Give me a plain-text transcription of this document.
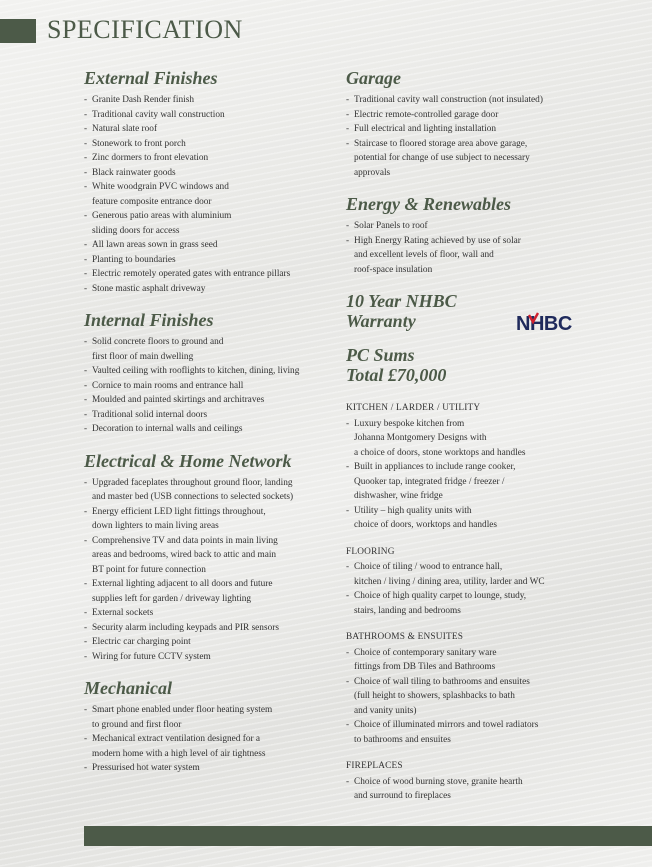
SPECIFICATION
External Finishes
- Granite Dash Render finish
- Traditional cavity wall construction
- Natural slate roof
- Stonework to front porch
- Zinc dormers to front elevation
- Black rainwater goods
- White woodgrain PVC windows and
feature composite entrance door
- Generous patio areas with aluminium
sliding doors for access
- All lawn areas sown in grass seed
- Planting to boundaries
- Electric remotely operated gates with entrance pillars
- Stone mastic asphalt driveway
Internal Finishes
- Solid concrete floors to ground and
first floor of main dwelling
- Vaulted ceiling with rooflights to kitchen, dining, living
- Cornice to main rooms and entrance hall
- Moulded and painted skirtings and architraves
- Traditional solid internal doors
- Decoration to internal walls and ceilings
Electrical & Home Network
- Upgraded faceplates throughout ground floor, landing
and master bed (USB connections to selected sockets)
- Energy efficient LED light fittings throughout,
down lighters to main living areas
- Comprehensive TV and data points in main living
areas and bedrooms, wired back to attic and main
BT point for future connection
- External lighting adjacent to all doors and future
supplies left for garden / driveway lighting
- External sockets
- Security alarm including keypads and PIR sensors
- Electric car charging point
- Wiring for future CCTV system
Mechanical
- Smart phone enabled under floor heating system
to ground and first floor
- Mechanical extract ventilation designed for a
modern home with a high level of air tightness
- Pressurised hot water system
Garage
- Traditional cavity wall construction (not insulated)
- Electric remote-controlled garage door
- Full electrical and lighting installation
- Staircase to floored storage area above garage,
potential for change of use subject to necessary
approvals
Energy & Renewables
- Solar Panels to roof
- High Energy Rating achieved by use of solar
and excellent levels of floor, wall and
roof-space insulation
10 Year NHBC
Warranty
PC Sums
Total £70,000
KITCHEN / LARDER / UTILITY
- Luxury bespoke kitchen from
Johanna Montgomery Designs with
a choice of doors, stone worktops and handles
- Built in appliances to include range cooker,
Quooker tap, integrated fridge / freezer /
dishwasher, wine fridge
- Utility – high quality units with
choice of doors, worktops and handles
FLOORING
- Choice of tiling / wood to entrance hall,
kitchen / living / dining area, utility, larder and WC
- Choice of high quality carpet to lounge, study,
stairs, landing and bedrooms
BATHROOMS & ENSUITES
- Choice of contemporary sanitary ware
fittings from DB Tiles and Bathrooms
- Choice of wall tiling to bathrooms and ensuites
(full height to showers, splashbacks to bath
and vanity units)
- Choice of illuminated mirrors and towel radiators
to bathrooms and ensuites
FIREPLACES
- Choice of wood burning stove, granite hearth
and surround to fireplaces
NHBC
